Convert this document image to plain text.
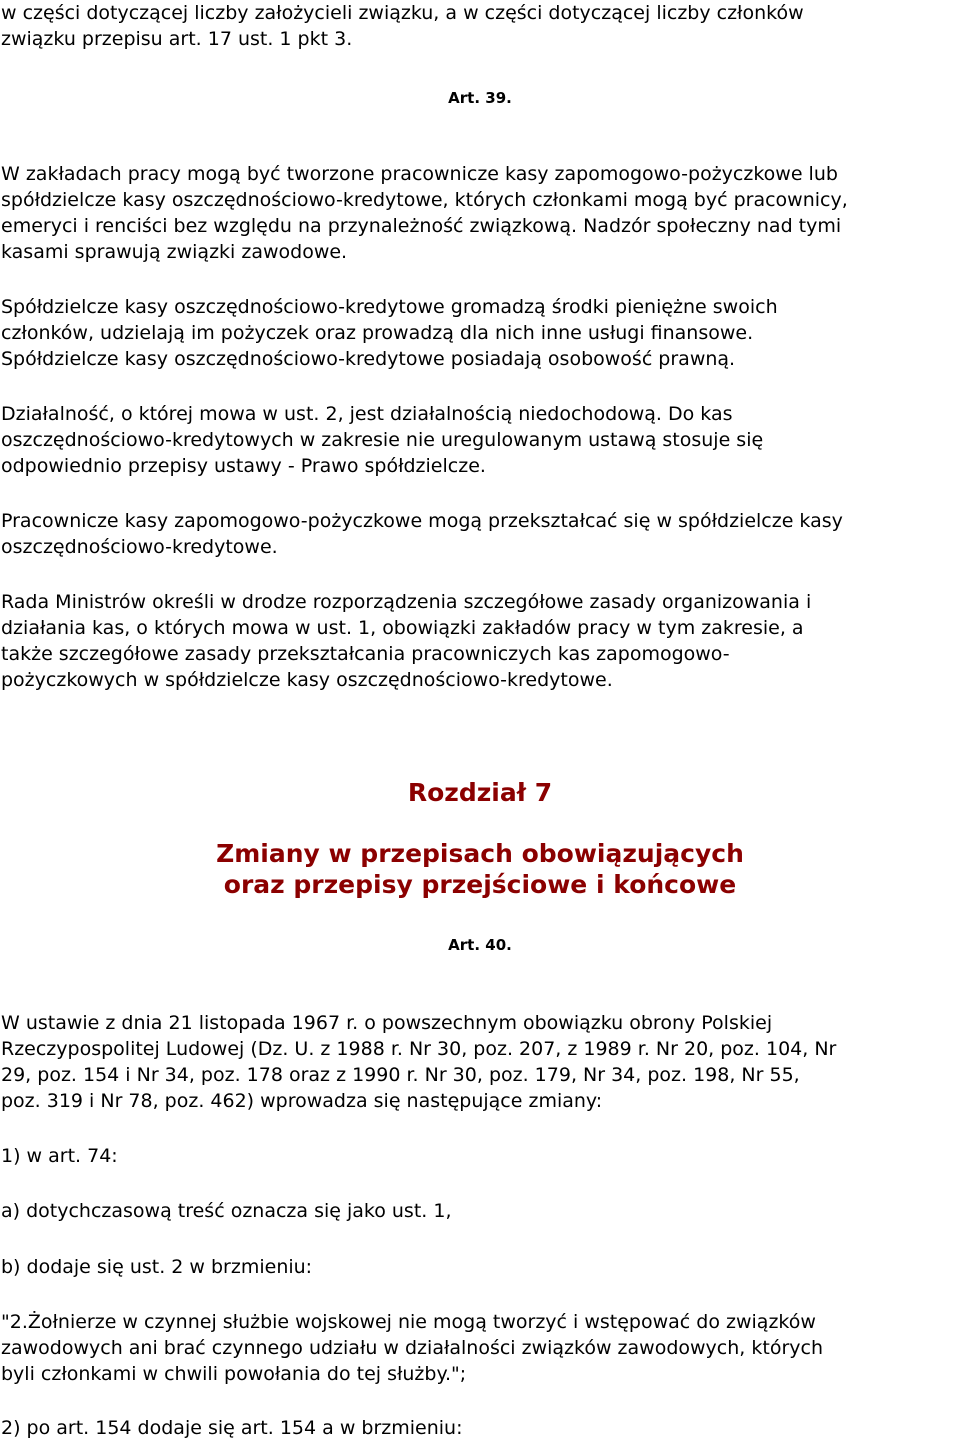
w części dotyczącej liczby założycieli związku, a w części dotyczącej liczby członków
związku przepisu art. 17 ust. 1 pkt 3.

Art. 39.

W zakładach pracy mogą być tworzone pracownicze kasy zapomogowo-pożyczkowe lub
spółdzielcze kasy oszczędnościowo-kredytowe, których członkami mogą być pracownicy,
emeryci i renciści bez względu na przynależność związkową. Nadzór społeczny nad tymi
kasami sprawują związki zawodowe.

Spółdzielcze kasy oszczędnościowo-kredytowe gromadzą środki pieniężne swoich
członków, udzielają im pożyczek oraz prowadzą dla nich inne usługi finansowe.
Spółdzielcze kasy oszczędnościowo-kredytowe posiadają osobowość prawną.

Działalność, o której mowa w ust. 2, jest działalnością niedochodową. Do kas
oszczędnościowo-kredytowych w zakresie nie uregulowanym ustawą stosuje się
odpowiednio przepisy ustawy - Prawo spółdzielcze.

Pracownicze kasy zapomogowo-pożyczkowe mogą przekształcać się w spółdzielcze kasy
oszczędnościowo-kredytowe.

Rada Ministrów określi w drodze rozporządzenia szczegółowe zasady organizowania i
działania kas, o których mowa w ust. 1, obowiązki zakładów pracy w tym zakresie, a
także szczegółowe zasady przekształcania pracowniczych kas zapomogowo-
pożyczkowych w spółdzielcze kasy oszczędnościowo-kredytowe.

Rozdział 7

Zmiany w przepisach obowiązujących
oraz przepisy przejściowe i końcowe

Art. 40.

W ustawie z dnia 21 listopada 1967 r. o powszechnym obowiązku obrony Polskiej
Rzeczypospolitej Ludowej (Dz. U. z 1988 r. Nr 30, poz. 207, z 1989 r. Nr 20, poz. 104, Nr
29, poz. 154 i Nr 34, poz. 178 oraz z 1990 r. Nr 30, poz. 179, Nr 34, poz. 198, Nr 55,
poz. 319 i Nr 78, poz. 462) wprowadza się następujące zmiany:

1) w art. 74:

a) dotychczasową treść oznacza się jako ust. 1,

b) dodaje się ust. 2 w brzmieniu:

"2.Żołnierze w czynnej służbie wojskowej nie mogą tworzyć i wstępować do związków
zawodowych ani brać czynnego udziału w działalności związków zawodowych, których
byli członkami w chwili powołania do tej służby.";

2) po art. 154 dodaje się art. 154 a w brzmieniu:
